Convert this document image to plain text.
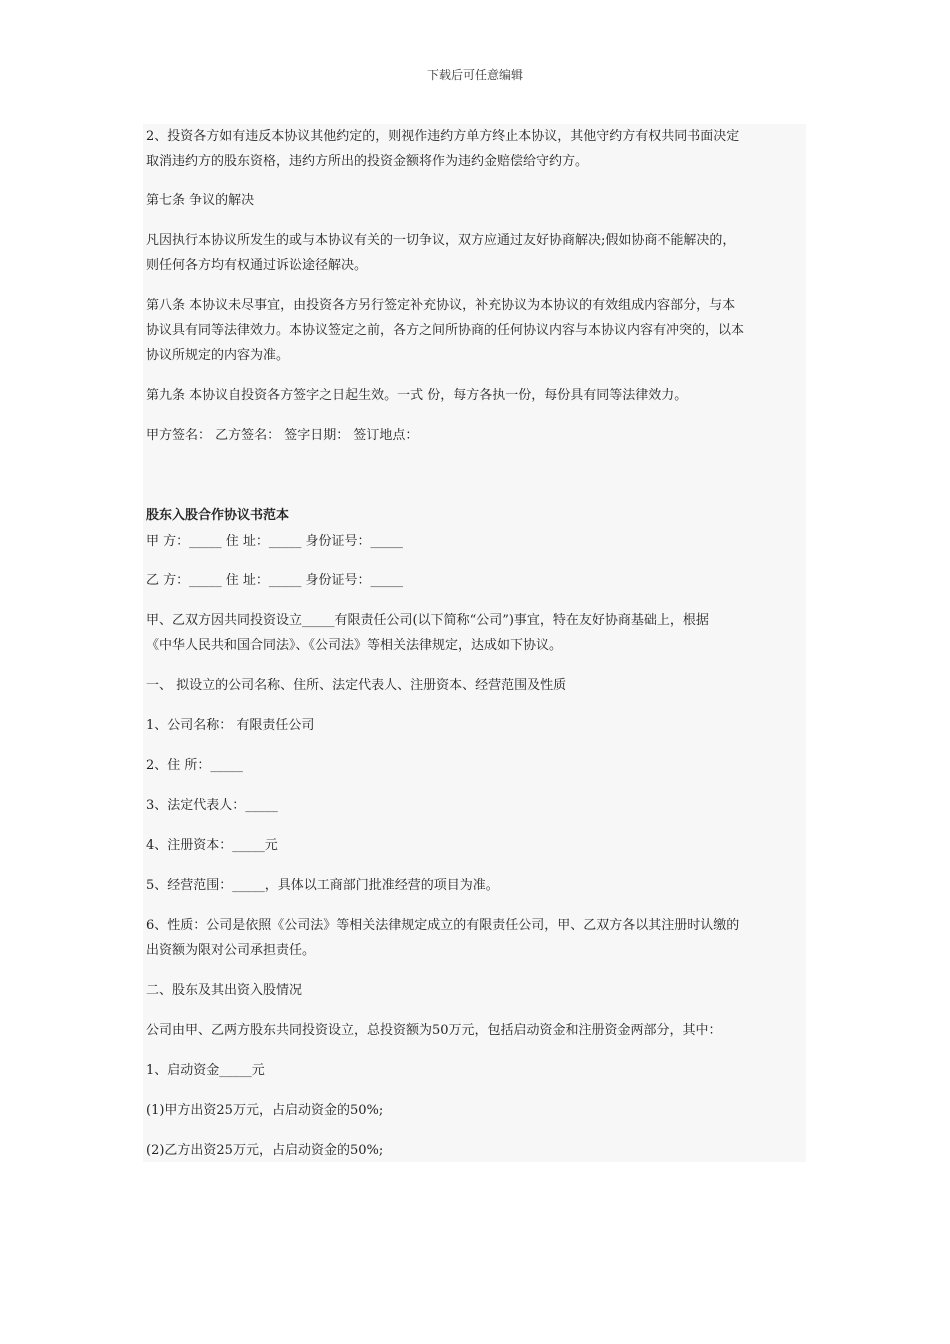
下载后可任意编辑
2、投资各方如有违反本协议其他约定的，则视作违约方单方终止本协议，其他守约方有权共同书面决定
取消违约方的股东资格，违约方所出的投资金额将作为违约金赔偿给守约方。
第七条 争议的解决
凡因执行本协议所发生的或与本协议有关的一切争议，双方应通过友好协商解决;假如协商不能解决的，
则任何各方均有权通过诉讼途径解决。
第八条 本协议未尽事宜，由投资各方另行签定补充协议，补充协议为本协议的有效组成内容部分，与本
协议具有同等法律效力。本协议签定之前，各方之间所协商的任何协议内容与本协议内容有冲突的，以本
协议所规定的内容为准。
第九条 本协议自投资各方签字之日起生效。一式 份，每方各执一份，每份具有同等法律效力。
甲方签名： 乙方签名： 签字日期： 签订地点：
股东入股合作协议书范本
甲 方：_____ 住 址：_____ 身份证号：_____
乙 方：_____ 住 址：_____ 身份证号：_____
甲、乙双方因共同投资设立_____有限责任公司(以下简称“公司”)事宜，特在友好协商基础上，根据
《中华人民共和国合同法》、《公司法》等相关法律规定，达成如下协议。
一、 拟设立的公司名称、住所、法定代表人、注册资本、经营范围及性质
1、公司名称： 有限责任公司
2、住 所：_____
3、法定代表人：_____
4、注册资本：_____元
5、经营范围：_____，具体以工商部门批准经营的项目为准。
6、性质：公司是依照《公司法》等相关法律规定成立的有限责任公司，甲、乙双方各以其注册时认缴的
出资额为限对公司承担责任。
二、股东及其出资入股情况
公司由甲、乙两方股东共同投资设立，总投资额为50万元，包括启动资金和注册资金两部分，其中：
1、启动资金_____元
(1)甲方出资25万元，占启动资金的50%;
(2)乙方出资25万元，占启动资金的50%;
